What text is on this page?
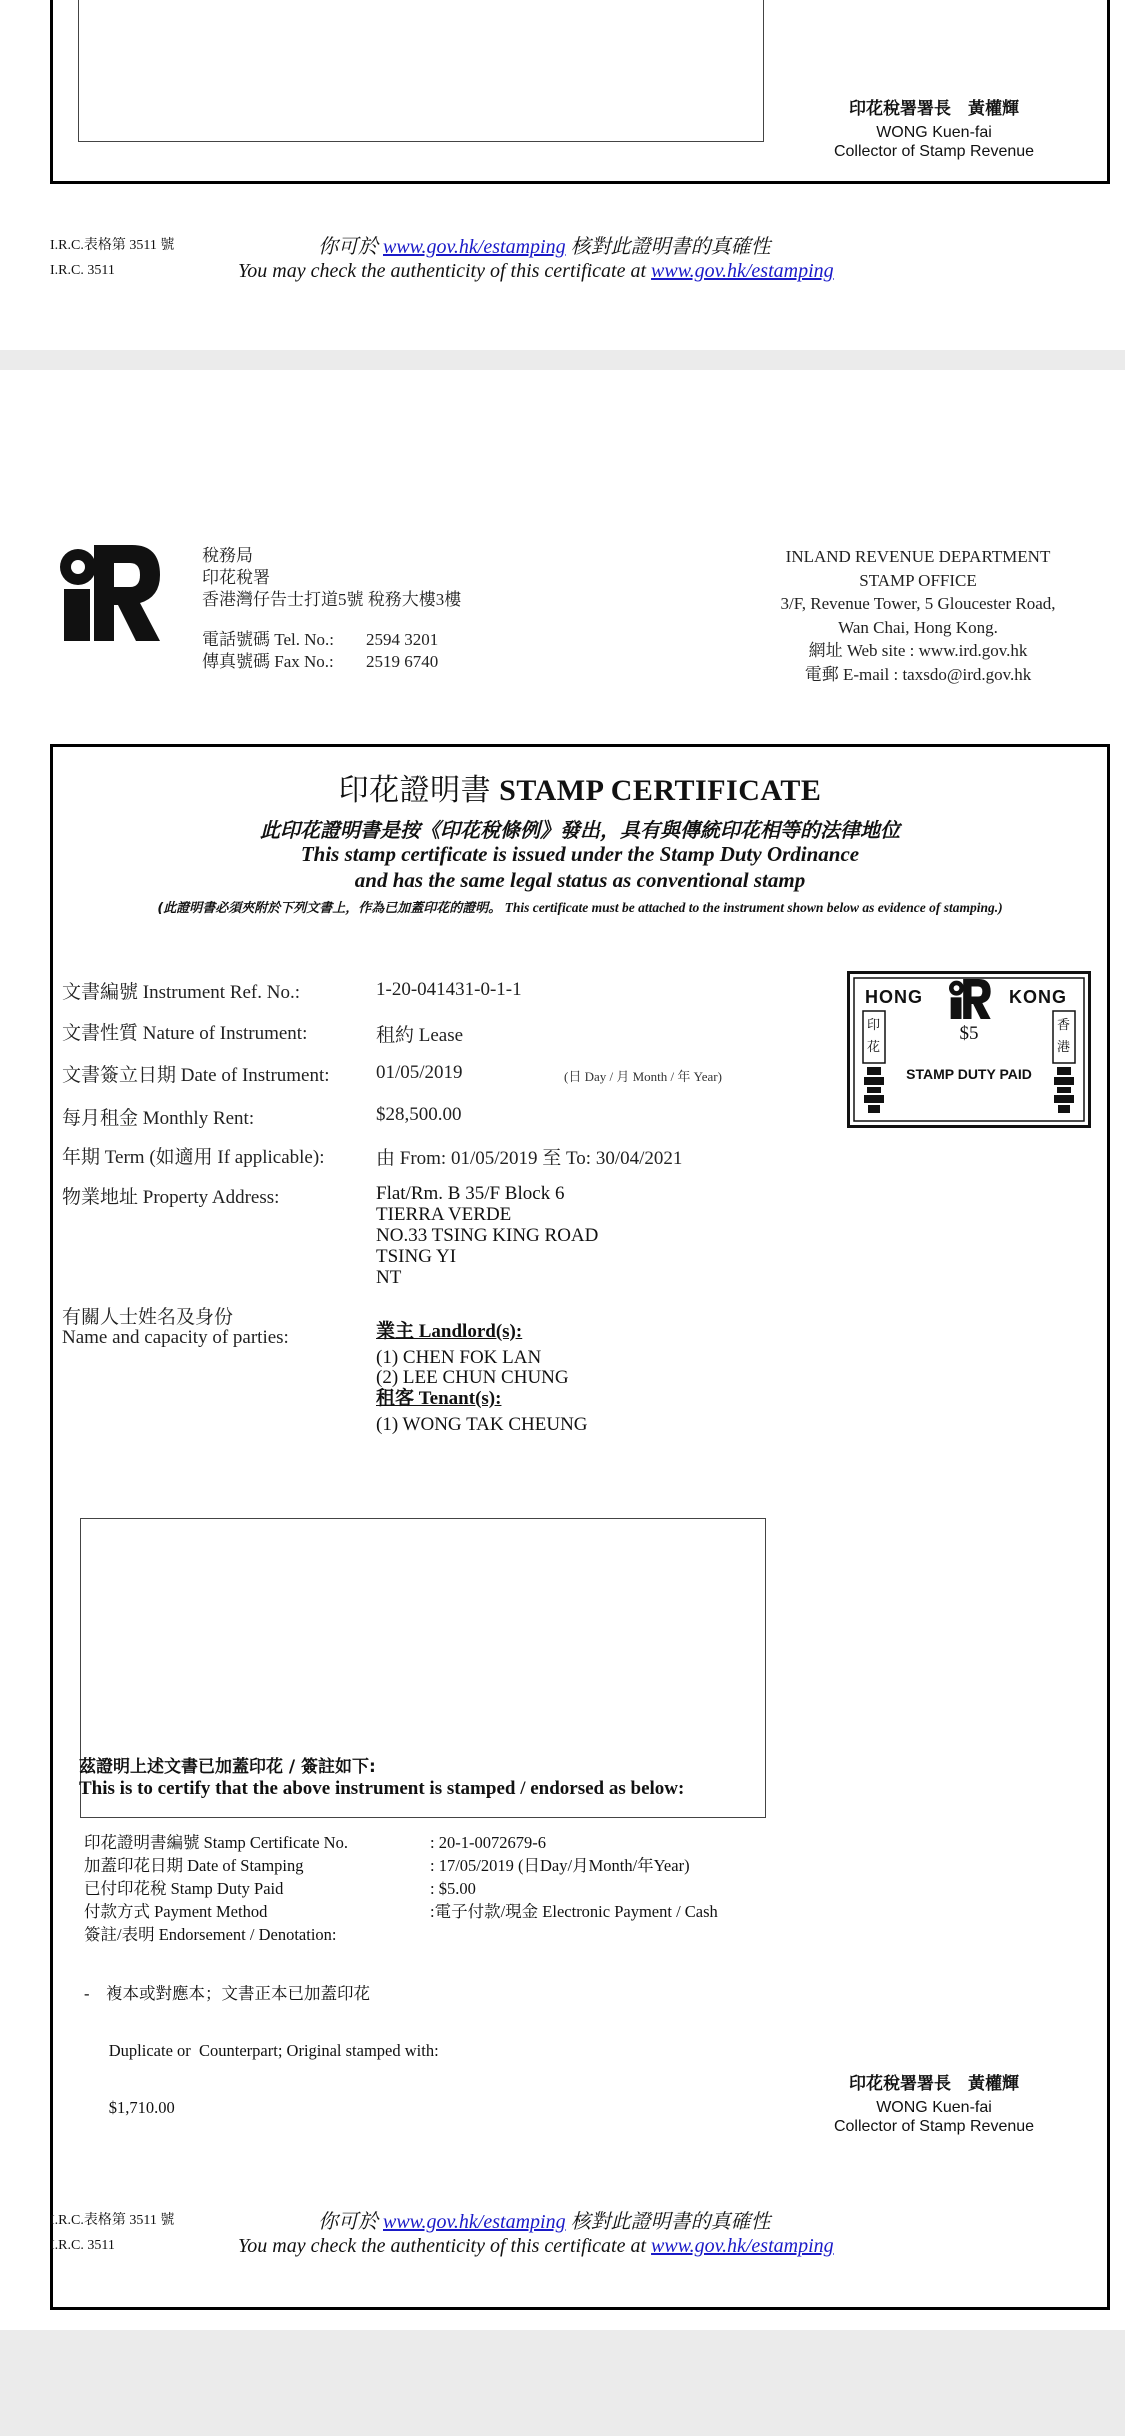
印花稅署署長　黃權輝
WONG Kuen-fai
Collector of Stamp Revenue
I.R.C.表格第 3511 號
I.R.C. 3511
你可於 www.gov.hk/estamping 核對此證明書的真確性
You may check the authenticity of this certificate at www.gov.hk/estamping
稅務局
印花稅署
香港灣仔告士打道5號 稅務大樓3樓
電話號碼 Tel. No.: 2594 3201
傳真號碼 Fax No.: 2519 6740
INLAND REVENUE DEPARTMENT
STAMP OFFICE
3/F, Revenue Tower, 5 Gloucester Road,
Wan Chai, Hong Kong.
網址 Web site : www.ird.gov.hk
電郵 E-mail : taxsdo@ird.gov.hk
印花證明書 STAMP CERTIFICATE
此印花證明書是按《印花稅條例》發出，具有與傳統印花相等的法律地位
This stamp certificate is issued under the Stamp Duty Ordinance
and has the same legal status as conventional stamp
(此證明書必須夾附於下列文書上，作為已加蓋印花的證明。 This certificate must be attached to the instrument shown below as evidence of stamping.)
文書編號 Instrument Ref. No.:	1-20-041431-0-1-1
文書性質 Nature of Instrument:	租約 Lease
文書簽立日期 Date of Instrument: 01/05/2019	(日 Day / 月 Month / 年 Year)
每月租金 Monthly Rent:	$28,500.00
年期 Term (如適用 If applicable):	由 From: 01/05/2019 至 To: 30/04/2021
物業地址 Property Address:	Flat/Rm. B 35/F Block 6
TIERRA VERDE
NO.33 TSING KING ROAD
TSING YI
NT
有關人士姓名及身份
Name and capacity of parties:	業主 Landlord(s):
(1) CHEN FOK LAN
(2) LEE CHUN CHUNG
租客 Tenant(s):
(1) WONG TAK CHEUNG
HONG	KONG
印花
香港
$5
STAMP DUTY PAID
茲證明上述文書已加蓋印花 / 簽註如下:
This is to certify that the above instrument is stamped / endorsed as below:
印花證明書編號 Stamp Certificate No.	: 20-1-0072679-6
加蓋印花日期 Date of Stamping	: 17/05/2019 (日Day/月Month/年Year)
已付印花稅 Stamp Duty Paid	: $5.00
付款方式 Payment Method	:電子付款/現金 Electronic Payment / Cash
簽註/表明 Endorsement / Denotation:

-    複本或對應本；文書正本已加蓋印花

Duplicate or  Counterpart; Original stamped with:

$1,710.00

印花稅署署長　黃權輝
WONG Kuen-fai
Collector of Stamp Revenue
I.R.C.表格第 3511 號
I.R.C. 3511
你可於 www.gov.hk/estamping 核對此證明書的真確性
You may check the authenticity of this certificate at www.gov.hk/estamping
